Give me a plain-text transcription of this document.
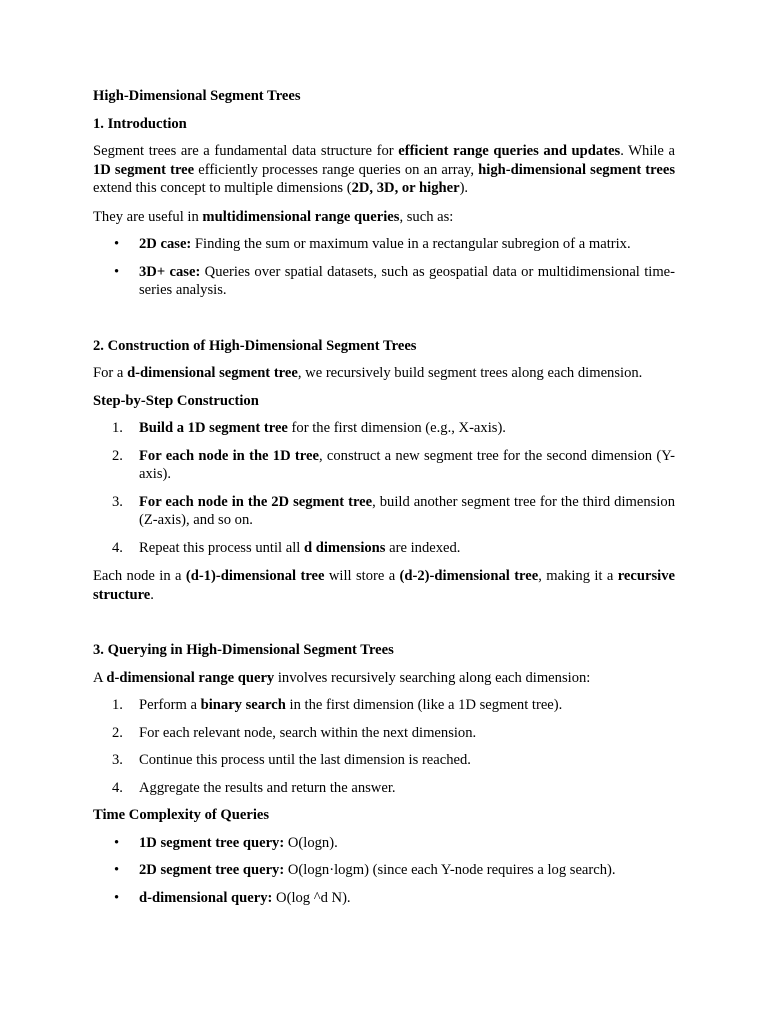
High-Dimensional Segment Trees

1. Introduction

Segment trees are a fundamental data structure for efficient range queries and updates. While a 1D segment tree efficiently processes range queries on an array, high-dimensional segment trees extend this concept to multiple dimensions (2D, 3D, or higher).

They are useful in multidimensional range queries, such as:

• 2D case: Finding the sum or maximum value in a rectangular subregion of a matrix.
• 3D+ case: Queries over spatial datasets, such as geospatial data or multidimensional time-series analysis.

2. Construction of High-Dimensional Segment Trees

For a d-dimensional segment tree, we recursively build segment trees along each dimension.

Step-by-Step Construction

1. Build a 1D segment tree for the first dimension (e.g., X-axis).
2. For each node in the 1D tree, construct a new segment tree for the second dimension (Y-axis).
3. For each node in the 2D segment tree, build another segment tree for the third dimension (Z-axis), and so on.
4. Repeat this process until all d dimensions are indexed.

Each node in a (d-1)-dimensional tree will store a (d-2)-dimensional tree, making it a recursive structure.

3. Querying in High-Dimensional Segment Trees

A d-dimensional range query involves recursively searching along each dimension:

1. Perform a binary search in the first dimension (like a 1D segment tree).
2. For each relevant node, search within the next dimension.
3. Continue this process until the last dimension is reached.
4. Aggregate the results and return the answer.

Time Complexity of Queries

• 1D segment tree query: O(logn).
• 2D segment tree query: O(logn·logm) (since each Y-node requires a log search).
• d-dimensional query: O(log ^d N).
